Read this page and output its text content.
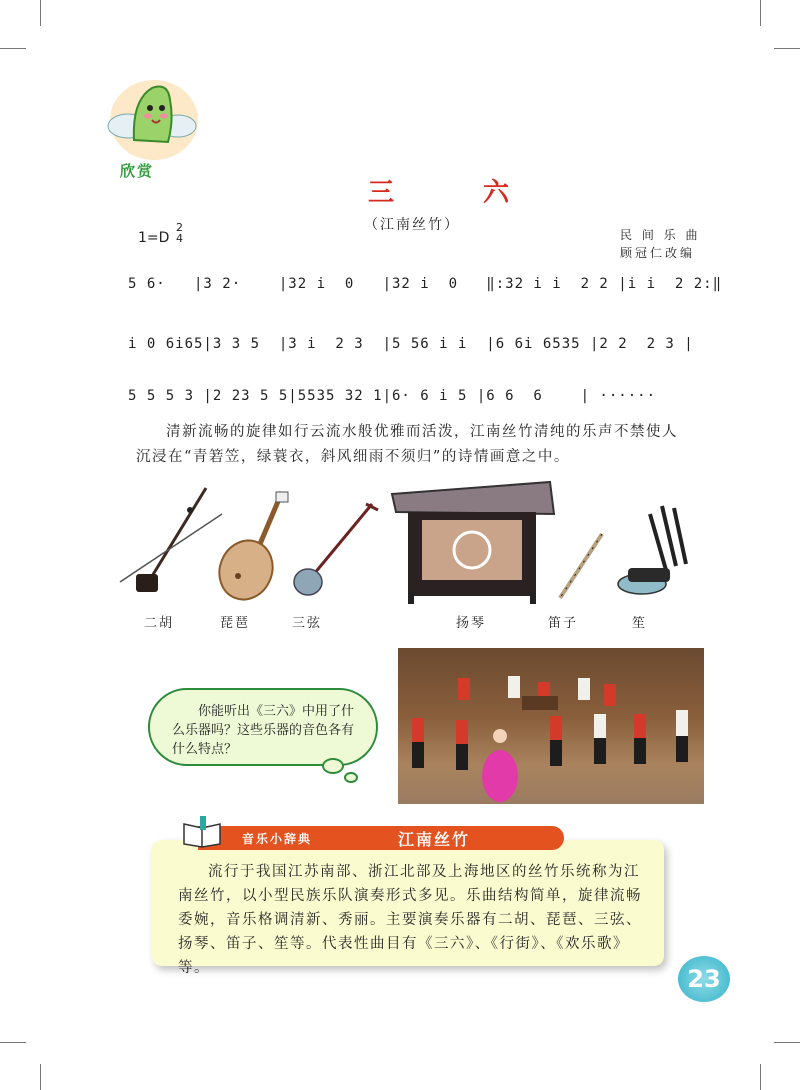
欣赏
三 六
（江南丝竹）
民 间 乐 曲
顾冠仁改编
1=D
2
4
5 6·   |3 2·    |32 i  0   |32 i  0   ‖:32 i i  2 2 |i i  2 2:‖
i 0 6i65|3 3 5  |3 i  2 3  |5 56 i i  |6 6i 6535 |2 2  2 3 |
5 5 5 3 |2 23 5 5|5535 32 1|6· 6 i 5 |6 6  6    | ······
清新流畅的旋律如行云流水般优雅而活泼，江南丝竹清纯的乐声不禁使人沉浸在“青箬笠，绿蓑衣，斜风细雨不须归”的诗情画意之中。
二胡	琵琶	三弦	扬琴	笛子	笙
你能听出《三六》中用了什么乐器吗？这些乐器的音色各有什么特点？
流行于我国江苏南部、浙江北部及上海地区的丝竹乐统称为江南丝竹，以小型民族乐队演奏形式多见。乐曲结构简单，旋律流畅委婉，音乐格调清新、秀丽。主要演奏乐器有二胡、琵琶、三弦、扬琴、笛子、笙等。代表性曲目有《三六》、《行街》、《欢乐歌》等。
音乐小辞典	江南丝竹
23
